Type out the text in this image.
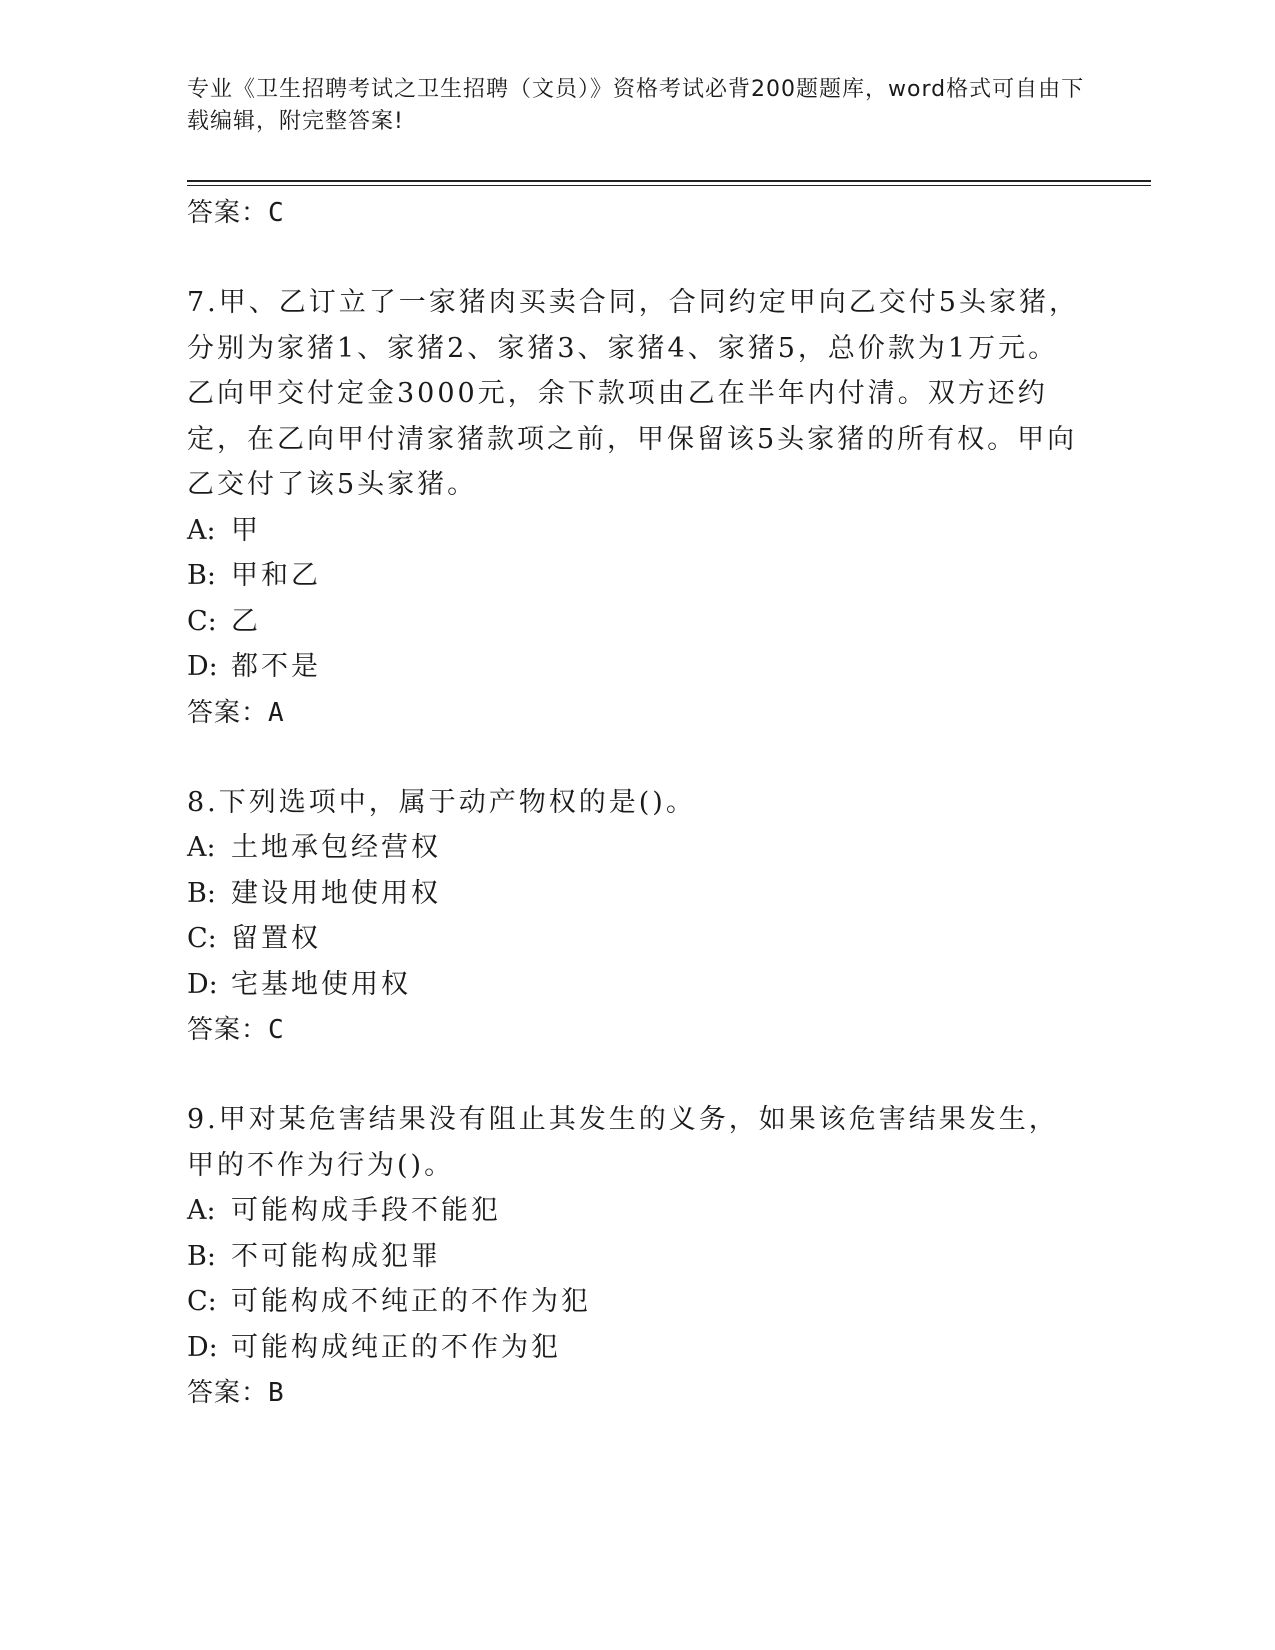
专业《卫生招聘考试之卫生招聘（文员）》资格考试必背200题题库，word格式可自由下载编辑，附完整答案!
答案：C
7.甲、乙订立了一家猪肉买卖合同，合同约定甲向乙交付5头家猪，分别为家猪1、家猪2、家猪3、家猪4、家猪5，总价款为1万元。乙向甲交付定金3000元，余下款项由乙在半年内付清。双方还约定，在乙向甲付清家猪款项之前，甲保留该5头家猪的所有权。甲向乙交付了该5头家猪。
A: 甲
B: 甲和乙
C: 乙
D: 都不是
答案：A
8.下列选项中，属于动产物权的是()。
A: 土地承包经营权
B: 建设用地使用权
C: 留置权
D: 宅基地使用权
答案：C
9.甲对某危害结果没有阻止其发生的义务，如果该危害结果发生，甲的不作为行为()。
A: 可能构成手段不能犯
B: 不可能构成犯罪
C: 可能构成不纯正的不作为犯
D: 可能构成纯正的不作为犯
答案：B
